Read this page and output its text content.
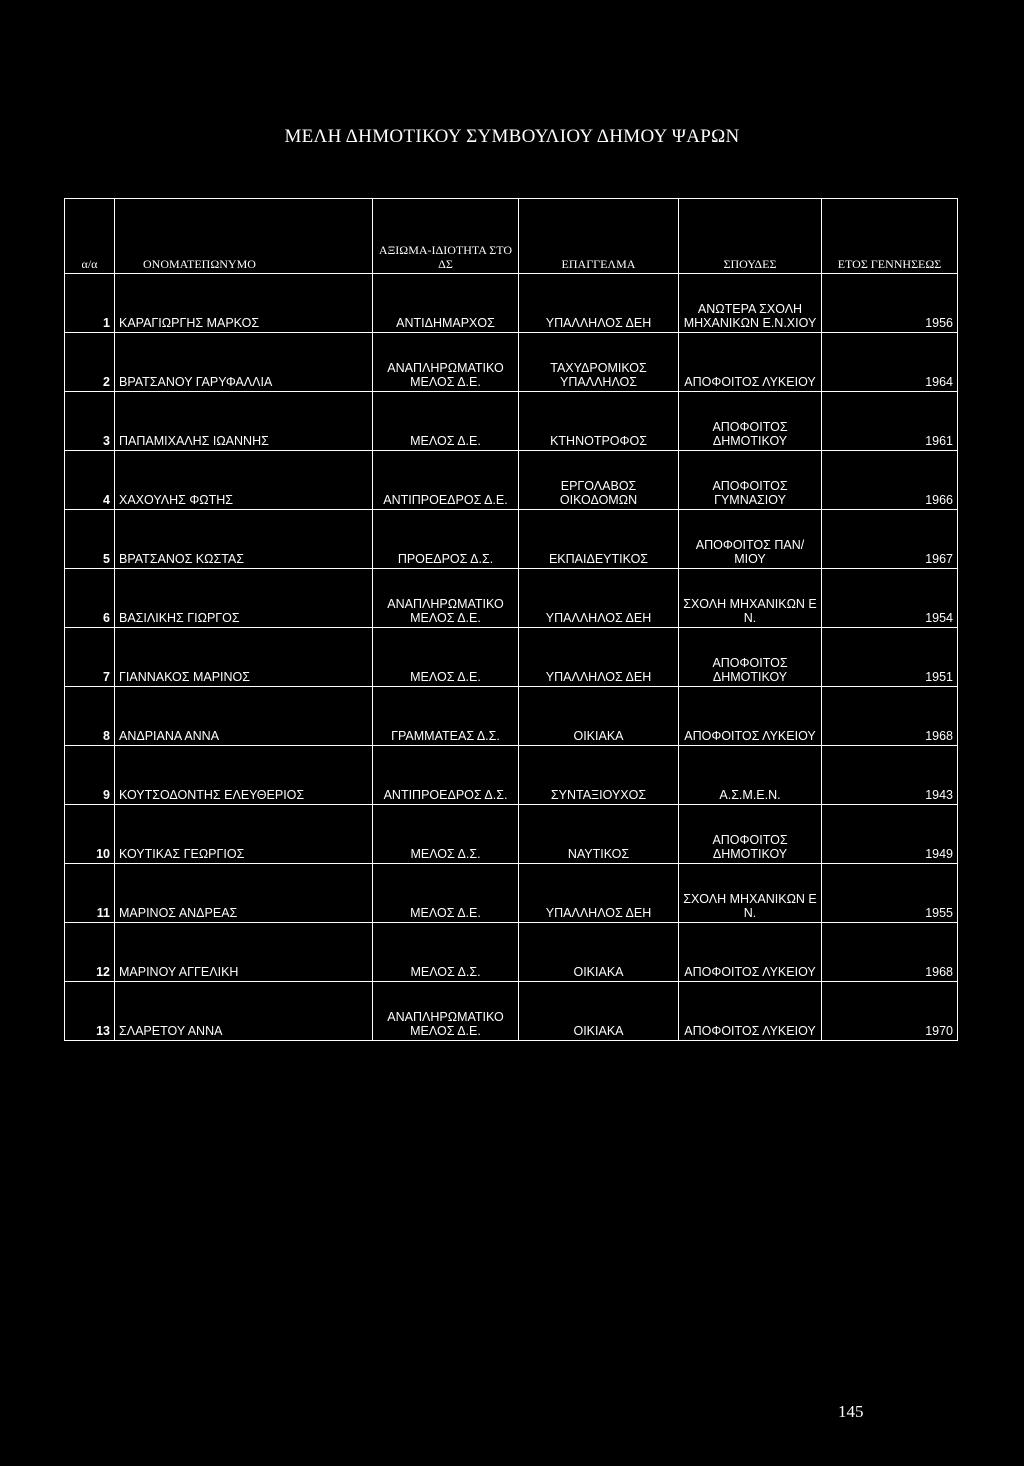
ΜΕΛΗ ΔΗΜΟΤΙΚΟΥ ΣΥΜΒΟΥΛΙΟΥ ΔΗΜΟΥ ΨΑΡΩΝ
α/α	ΟΝΟΜΑΤΕΠΩΝΥΜΟ	ΑΞΙΩΜΑ-ΙΔΙΟΤΗΤΑ ΣΤΟ ΔΣ	ΕΠΑΓΓΕΛΜΑ	ΣΠΟΥΔΕΣ	ΕΤΟΣ ΓΕΝΝΗΣΕΩΣ
1	ΚΑΡΑΓΙΩΡΓΗΣ ΜΑΡΚΟΣ	ΑΝΤΙΔΗΜΑΡΧΟΣ	ΥΠΑΛΛΗΛΟΣ ΔΕΗ	ΑΝΩΤΕΡΑ ΣΧΟΛΗ ΜΗΧΑΝΙΚΩΝ Ε.Ν.ΧΙΟΥ	1956
2	ΒΡΑΤΣΑΝΟΥ ΓΑΡΥΦΑΛΛΙΑ	ΑΝΑΠΛΗΡΩΜΑΤΙΚΟ ΜΕΛΟΣ Δ.Ε.	ΤΑΧΥΔΡΟΜΙΚΟΣ ΥΠΑΛΛΗΛΟΣ	ΑΠΟΦΟΙΤΟΣ ΛΥΚΕΙΟΥ	1964
3	ΠΑΠΑΜΙΧΑΛΗΣ ΙΩΑΝΝΗΣ	ΜΕΛΟΣ Δ.Ε.	ΚΤΗΝΟΤΡΟΦΟΣ	ΑΠΟΦΟΙΤΟΣ ΔΗΜΟΤΙΚΟΥ	1961
4	ΧΑΧΟΥΛΗΣ ΦΩΤΗΣ	ΑΝΤΙΠΡΟΕΔΡΟΣ Δ.Ε.	ΕΡΓΟΛΑΒΟΣ ΟΙΚΟΔΟΜΩΝ	ΑΠΟΦΟΙΤΟΣ ΓΥΜΝΑΣΙΟΥ	1966
5	ΒΡΑΤΣΑΝΟΣ ΚΩΣΤΑΣ	ΠΡΟΕΔΡΟΣ Δ.Σ.	ΕΚΠΑΙΔΕΥΤΙΚΟΣ	ΑΠΟΦΟΙΤΟΣ ΠΑΝ/ΜΙΟΥ	1967
6	ΒΑΣΙΛΙΚΗΣ ΓΙΩΡΓΟΣ	ΑΝΑΠΛΗΡΩΜΑΤΙΚΟ ΜΕΛΟΣ Δ.Ε.	ΥΠΑΛΛΗΛΟΣ ΔΕΗ	ΣΧΟΛΗ ΜΗΧΑΝΙΚΩΝ Ε Ν.	1954
7	ΓΙΑΝΝΑΚΟΣ ΜΑΡΙΝΟΣ	ΜΕΛΟΣ Δ.Ε.	ΥΠΑΛΛΗΛΟΣ ΔΕΗ	ΑΠΟΦΟΙΤΟΣ ΔΗΜΟΤΙΚΟΥ	1951
8	ΑΝΔΡΙΑΝΑ ΑΝΝΑ	ΓΡΑΜΜΑΤΕΑΣ Δ.Σ.	ΟΙΚΙΑΚΑ	ΑΠΟΦΟΙΤΟΣ ΛΥΚΕΙΟΥ	1968
9	ΚΟΥΤΣΟΔΟΝΤΗΣ ΕΛΕΥΘΕΡΙΟΣ	ΑΝΤΙΠΡΟΕΔΡΟΣ Δ.Σ.	ΣΥΝΤΑΞΙΟΥΧΟΣ	Α.Σ.Μ.Ε.Ν.	1943
10	ΚΟΥΤΙΚΑΣ ΓΕΩΡΓΙΟΣ	ΜΕΛΟΣ Δ.Σ.	ΝΑΥΤΙΚΟΣ	ΑΠΟΦΟΙΤΟΣ ΔΗΜΟΤΙΚΟΥ	1949
11	ΜΑΡΙΝΟΣ ΑΝΔΡΕΑΣ	ΜΕΛΟΣ Δ.Ε.	ΥΠΑΛΛΗΛΟΣ ΔΕΗ	ΣΧΟΛΗ ΜΗΧΑΝΙΚΩΝ Ε Ν.	1955
12	ΜΑΡΙΝΟΥ ΑΓΓΕΛΙΚΗ	ΜΕΛΟΣ Δ.Σ.	ΟΙΚΙΑΚΑ	ΑΠΟΦΟΙΤΟΣ ΛΥΚΕΙΟΥ	1968
13	ΣΛΑΡΕΤΟΥ ΑΝΝΑ	ΑΝΑΠΛΗΡΩΜΑΤΙΚΟ ΜΕΛΟΣ Δ.Ε.	ΟΙΚΙΑΚΑ	ΑΠΟΦΟΙΤΟΣ ΛΥΚΕΙΟΥ	1970
145
